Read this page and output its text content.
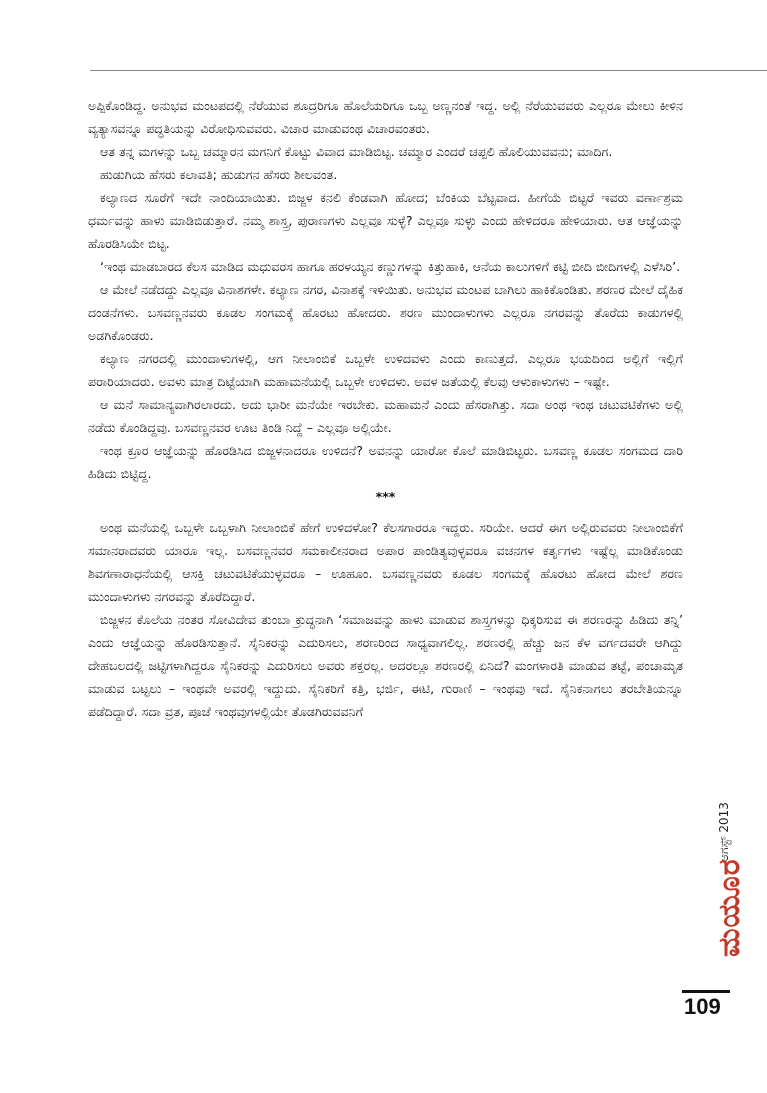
ಅಪ್ಪಿಕೊಂಡಿದ್ದ. ಅನುಭವ ಮಂಟಪದಲ್ಲಿ ನೆರೆಯುವ ಶೂದ್ರರಿಗೂ ಹೊಲೆಯರಿಗೂ ಒಬ್ಬ ಅಣ್ಣನಂತೆ ಇದ್ದ. ಅಲ್ಲಿ ನೆರೆಯುವವರು ಎಲ್ಲರೂ ಮೇಲು ಕೀಳಿನ ವ್ಯತ್ಯಾಸವನ್ನೂ ಪದ್ಧತಿಯನ್ನು ವಿರೋಧಿಸುವವರು. ವಿಚಾರ ಮಾಡುವಂಥ ವಿಚಾರವಂತರು.

ಆತ ತನ್ನ ಮಗಳನ್ನು ಒಬ್ಬ ಚಮ್ಮಾರನ ಮಗನಿಗೆ ಕೊಟ್ಟು ವಿವಾದ ಮಾಡಿಬಿಟ್ಟ. ಚಮ್ಮಾರ ಎಂದರೆ ಚಪ್ಪಲಿ ಹೊಲಿಯುವವನು; ಮಾದಿಗ.

ಹುಡುಗಿಯ ಹೆಸರು ಕಲಾವತಿ; ಹುಡುಗನ ಹೆಸರು ಶೀಲವಂತ.

ಕಲ್ಯಾಣದ ಸೂರೆಗೆ ಇದೇ ನಾಂದಿಯಾಯಿತು. ಬಿಜ್ಜಳ ಕನಲಿ ಕೆಂಡವಾಗಿ ಹೋದ; ಬೆಂಕಿಯ ಬೆಟ್ಟವಾದ. ಹೀಗೆಯೆ ಬಿಟ್ಟರೆ ಇವರು ವರ್ಣಾಶ್ರಮ ಧರ್ಮವನ್ನು ಹಾಳು ಮಾಡಿಬಿಡುತ್ತಾರೆ. ನಮ್ಮ ಶಾಸ್ತ್ರ, ಪುರಾಣಗಳು ಎಲ್ಲವೂ ಸುಳ್ಳೆ? ಎಲ್ಲವೂ ಸುಳ್ಳು ಎಂದು ಹೇಳಿದರೂ ಹೇಳಿಯಾರು. ಆತ ಆಜ್ಞೆಯನ್ನು ಹೊರಡಿಸಿಯೇ ಬಿಟ್ಟ.

‘ಇಂಥ ಮಾಡಬಾರದ ಕೆಲಸ ಮಾಡಿದ ಮಧುವರಸ ಹಾಗೂ ಹರಳಯ್ಯನ ಕಣ್ಣುಗಳನ್ನು ಕಿತ್ತುಹಾಕಿ, ಆನೆಯ ಕಾಲುಗಳಿಗೆ ಕಟ್ಟಿ ಬೀದಿ ಬೀದಿಗಳಲ್ಲಿ ಎಳೆಸಿರಿ’.

ಆ ಮೇಲೆ ನಡೆದದ್ದು ಎಲ್ಲವೂ ವಿನಾಶಗಳೇ. ಕಲ್ಯಾಣ ನಗರ, ವಿನಾಶಕ್ಕೆ ಇಳಿಯಿತು. ಅನುಭವ ಮಂಟಪ ಬಾಗಿಲು ಹಾಕಿಕೊಂಡಿತು. ಶರಣರ ಮೇಲೆ ದೈಹಿಕ ದಂಡನೆಗಳು. ಬಸವಣ್ಣನವರು ಕೂಡಲ ಸಂಗಮಕ್ಕೆ ಹೊರಟು ಹೋದರು. ಶರಣ ಮುಂದಾಳುಗಳು ಎಲ್ಲರೂ ನಗರವನ್ನು ತೊರೆದು ಕಾಡುಗಳಲ್ಲಿ ಅಡಗಿಕೊಂಡರು.

ಕಲ್ಯಾಣ ನಗರದಲ್ಲಿ ಮುಂದಾಳುಗಳಲ್ಲಿ, ಆಗ ನೀಲಾಂಬಿಕೆ ಒಬ್ಬಳೇ ಉಳಿದವಳು ಎಂದು ಕಾಣುತ್ತದೆ. ಎಲ್ಲರೂ ಭಯದಿಂದ ಅಲ್ಲಿಗೆ ಇಲ್ಲಿಗೆ ಪರಾರಿಯಾದರು. ಅವಳು ಮಾತ್ರ ದಿಟ್ಟೆಯಾಗಿ ಮಹಾಮನೆಯಲ್ಲಿ ಒಬ್ಬಳೇ ಉಳಿದಳು. ಅವಳ ಜತೆಯಲ್ಲಿ ಕೆಲವು ಆಳುಕಾಳುಗಳು – ಇಷ್ಟೇ.

ಆ ಮನೆ ಸಾಮಾನ್ಯವಾಗಿರಲಾರದು. ಅದು ಭಾರೀ ಮನೆಯೇ ಇರಬೇಕು. ಮಹಾಮನೆ ಎಂದು ಹೆಸರಾಗಿತ್ತು. ಸದಾ ಅಂಥ ಇಂಥ ಚಟುವಟಿಕೆಗಳು ಅಲ್ಲಿ ನಡೆದು ಕೊಂಡಿದ್ದವು. ಬಸವಣ್ಣನವರ ಊಟ ತಿಂಡಿ ನಿದ್ದೆ – ಎಲ್ಲವೂ ಅಲ್ಲಿಯೇ.

ಇಂಥ ಕ್ರೂರ ಆಜ್ಞೆಯನ್ನು ಹೊರಡಿಸಿದ ಬಿಜ್ಜಳನಾದರೂ ಉಳಿದನೆ? ಅವನನ್ನು ಯಾರೋ ಕೊಲೆ ಮಾಡಿಬಿಟ್ಟರು. ಬಸವಣ್ಣ ಕೂಡಲ ಸಂಗಮದ ದಾರಿ ಹಿಡಿದು ಬಿಟ್ಟಿದ್ದ.

***

ಅಂಥ ಮನೆಯಲ್ಲಿ ಒಬ್ಬಳೇ ಒಬ್ಬಳಾಗಿ ನೀಲಾಂಬಿಕೆ ಹೇಗೆ ಉಳಿದಳೋ? ಕೆಲಸಗಾರರೂ ಇದ್ದರು. ಸರಿಯೇ. ಆದರೆ ಈಗ ಅಲ್ಲಿರುವವರು ನೀಲಾಂಬಿಕೆಗೆ ಸಮಾನರಾದವರು ಯಾರೂ ಇಲ್ಲ. ಬಸವಣ್ಣನವರ ಸಮಕಾಲೀನರಾದ ಅಪಾರ ಪಾಂಡಿತ್ಯವುಳ್ಳವರೂ ವಚನಗಳ ಕರ್ತೃಗಳು ಇಷ್ಟೆಲ್ಲ ಮಾಡಿಕೊಂಡು ಶಿವಗಣಾರಾಧನೆಯಲ್ಲಿ ಆಸಕ್ತಿ ಚಟುವಟಿಕೆಯುಳ್ಳವರೂ – ಊಹೂಂ. ಬಸವಣ್ಣನವರು ಕೂಡಲ ಸಂಗಮಕ್ಕೆ ಹೊರಟು ಹೋದ ಮೇಲೆ ಶರಣ ಮುಂದಾಳುಗಳು ನಗರವನ್ನು ತೊರೆದಿದ್ದಾರೆ.

ಬಿಜ್ಜಳನ ಕೊಲೆಯ ನಂತರ ಸೋವಿದೇವ ತುಂಬಾ ಕ್ರುದ್ಧನಾಗಿ ‘ಸಮಾಜವನ್ನು ಹಾಳು ಮಾಡುವ ಶಾಸ್ತ್ರಗಳನ್ನು ಧಿಕ್ಕರಿಸುವ ಈ ಶರಣರನ್ನು ಹಿಡಿದು ತನ್ನಿ’ ಎಂದು ಆಜ್ಞೆಯನ್ನು ಹೊರಡಿಸುತ್ತಾನೆ. ಸೈನಿಕರನ್ನು ಎದುರಿಸಲು, ಶರಣರಿಂದ ಸಾಧ್ಯವಾಗಲಿಲ್ಲ. ಶರಣರಲ್ಲಿ ಹೆಚ್ಚು ಜನ ಕೆಳ ವರ್ಗದವರೇ ಆಗಿದ್ದು ದೇಹಬಲದಲ್ಲಿ ಜಟ್ಟಿಗಳಾಗಿದ್ದರೂ ಸೈನಿಕರನ್ನು ಎದುರಿಸಲು ಅವರು ಶಕ್ತರಲ್ಲ. ಅದರಲ್ಲೂ ಶರಣರಲ್ಲಿ ಏನಿದೆ? ಮಂಗಳಾರತಿ ಮಾಡುವ ತಟ್ಟೆ, ಪಂಚಾಮೃತ ಮಾಡುವ ಬಟ್ಟಲು – ಇಂಥವೇ ಅವರಲ್ಲಿ ಇದ್ದುದು. ಸೈನಿಕರಿಗೆ ಕತ್ತಿ, ಭರ್ಜಿ, ಈಟಿ, ಗುರಾಣಿ – ಇಂಥವು ಇದೆ. ಸೈನಿಕನಾಗಲು ತರಬೇತಿಯನ್ನೂ ಪಡೆದಿದ್ದಾರೆ. ಸದಾ ವ್ರತ, ಪೂಜೆ ಇಂಥವುಗಳಲ್ಲಿಯೇ ತೊಡಗಿರುವವನಿಗೆ

ಆಗಸ್ಟ್ 2013
ಮಯೂರ
109
